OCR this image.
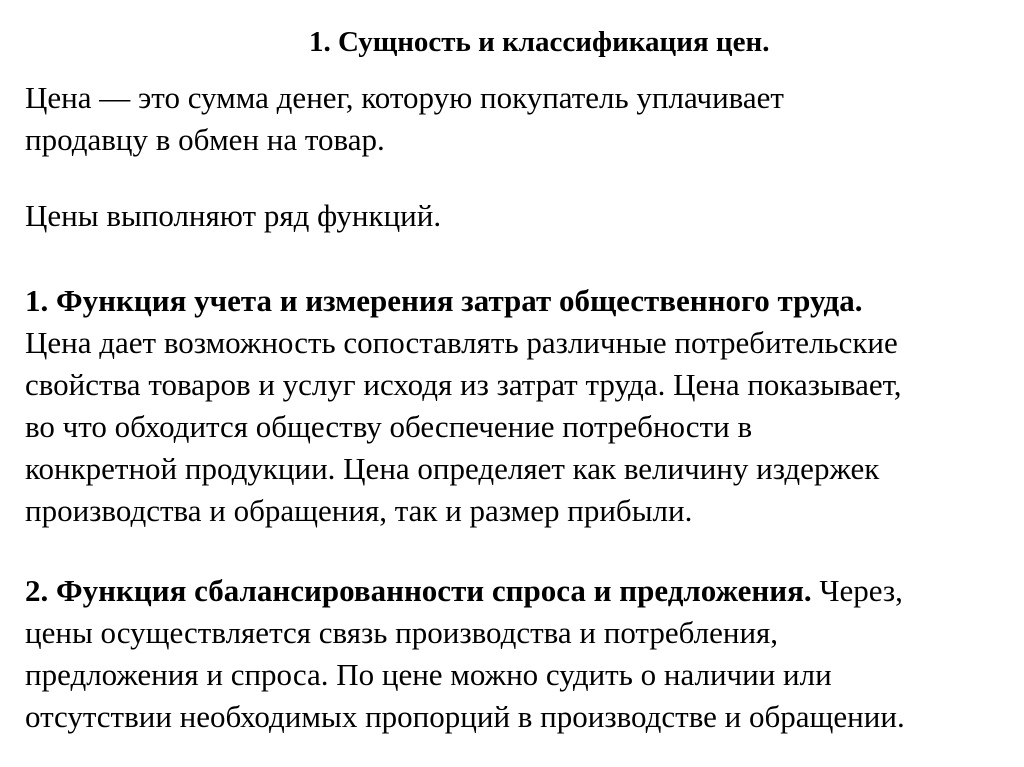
1. Сущность и классификация цен.
Цена — это сумма денег, которую покупатель уплачивает
продавцу в обмен на товар.
Цены выполняют ряд функций.
1. Функция учета и измерения затрат общественного труда.
Цена дает возможность сопоставлять различные потребительские
свойства товаров и услуг исходя из затрат труда. Цена показывает,
во что обходится обществу обеспечение потребности в
конкретной продукции. Цена определяет как величину издержек
производства и обращения, так и размер прибыли.
2. Функция сбалансированности спроса и предложения. Через,
цены осуществляется связь производства и потребления,
предложения и спроса. По цене можно судить о наличии или
отсутствии необходимых пропорций в производстве и обращении.
